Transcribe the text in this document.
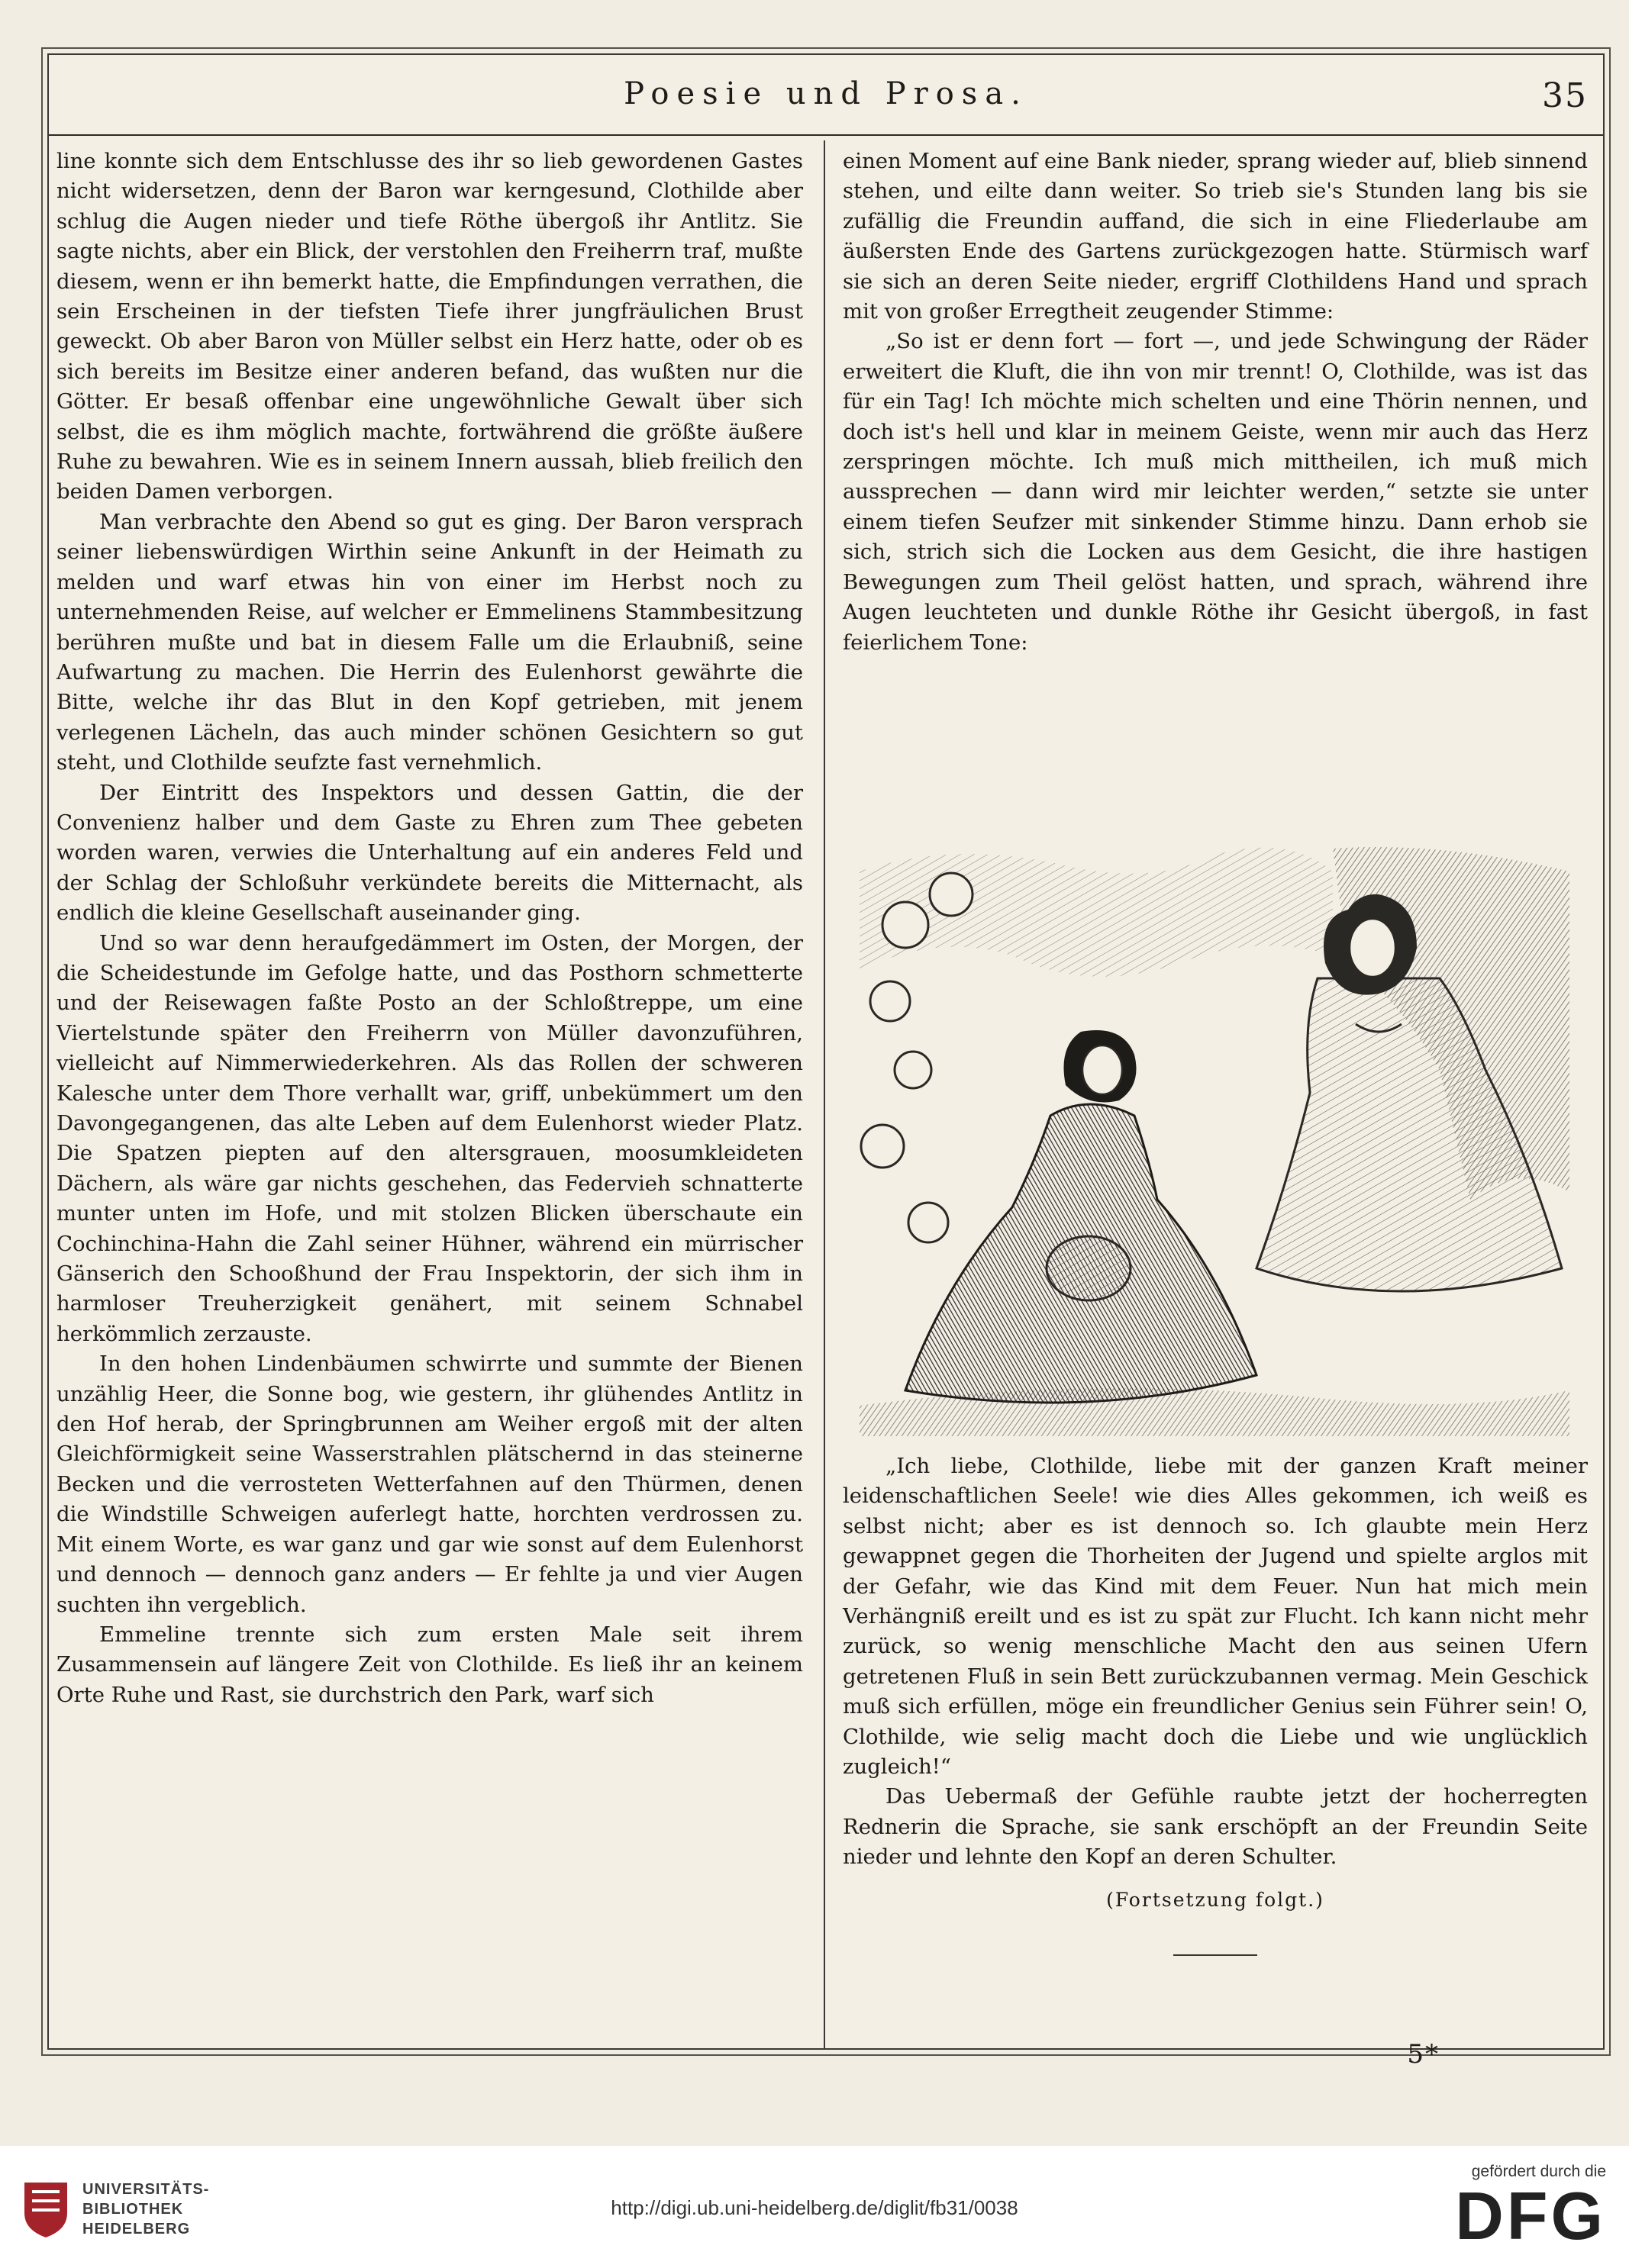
Poesie und Prosa.	35

line konnte sich dem Entschlusse des ihr so lieb gewordenen Gastes nicht widersetzen, denn der Baron war kerngesund, Clothilde aber schlug die Augen nieder und tiefe Röthe übergoß ihr Antlitz. Sie sagte nichts, aber ein Blick, der verstohlen den Freiherrn traf, mußte diesem, wenn er ihn bemerkt hatte, die Empfindungen verrathen, die sein Erscheinen in der tiefsten Tiefe ihrer jungfräulichen Brust geweckt. Ob aber Baron von Müller selbst ein Herz hatte, oder ob es sich bereits im Besitze einer anderen befand, das wußten nur die Götter. Er besaß offenbar eine ungewöhnliche Gewalt über sich selbst, die es ihm möglich machte, fortwährend die größte äußere Ruhe zu bewahren. Wie es in seinem Innern aussah, blieb freilich den beiden Damen verborgen.

Man verbrachte den Abend so gut es ging. Der Baron versprach seiner liebenswürdigen Wirthin seine Ankunft in der Heimath zu melden und warf etwas hin von einer im Herbst noch zu unternehmenden Reise, auf welcher er Emmelinens Stammbesitzung berühren mußte und bat in diesem Falle um die Erlaubniß, seine Aufwartung zu machen. Die Herrin des Eulenhorst gewährte die Bitte, welche ihr das Blut in den Kopf getrieben, mit jenem verlegenen Lächeln, das auch minder schönen Gesichtern so gut steht, und Clothilde seufzte fast vernehmlich.

Der Eintritt des Inspektors und dessen Gattin, die der Convenienz halber und dem Gaste zu Ehren zum Thee gebeten worden waren, verwies die Unterhaltung auf ein anderes Feld und der Schlag der Schloßuhr verkündete bereits die Mitternacht, als endlich die kleine Gesellschaft auseinander ging.

Und so war denn heraufgedämmert im Osten, der Morgen, der die Scheidestunde im Gefolge hatte, und das Posthorn schmetterte und der Reisewagen faßte Posto an der Schloßtreppe, um eine Viertelstunde später den Freiherrn von Müller davonzuführen, vielleicht auf Nimmerwiederkehren. Als das Rollen der schweren Kalesche unter dem Thore verhallt war, griff, unbekümmert um den Davongegangenen, das alte Leben auf dem Eulenhorst wieder Platz. Die Spatzen piepten auf den altersgrauen, moosumkleideten Dächern, als wäre gar nichts geschehen, das Federvieh schnatterte munter unten im Hofe, und mit stolzen Blicken überschaute ein Cochinchina-Hahn die Zahl seiner Hühner, während ein mürrischer Gänserich den Schooßhund der Frau Inspektorin, der sich ihm in harmloser Treuherzigkeit genähert, mit seinem Schnabel herkömmlich zerzauste.

In den hohen Lindenbäumen schwirrte und summte der Bienen unzählig Heer, die Sonne bog, wie gestern, ihr glühendes Antlitz in den Hof herab, der Springbrunnen am Weiher ergoß mit der alten Gleichförmigkeit seine Wasserstrahlen plätschernd in das steinerne Becken und die verrosteten Wetterfahnen auf den Thürmen, denen die Windstille Schweigen auferlegt hatte, horchten verdrossen zu. Mit einem Worte, es war ganz und gar wie sonst auf dem Eulenhorst und dennoch — dennoch ganz anders — Er fehlte ja und vier Augen suchten ihn vergeblich.

Emmeline trennte sich zum ersten Male seit ihrem Zusammensein auf längere Zeit von Clothilde. Es ließ ihr an keinem Orte Ruhe und Rast, sie durchstrich den Park, warf sich

einen Moment auf eine Bank nieder, sprang wieder auf, blieb sinnend stehen, und eilte dann weiter. So trieb sie's Stunden lang bis sie zufällig die Freundin auffand, die sich in eine Fliederlaube am äußersten Ende des Gartens zurückgezogen hatte. Stürmisch warf sie sich an deren Seite nieder, ergriff Clothildens Hand und sprach mit von großer Erregtheit zeugender Stimme:

„So ist er denn fort — fort —, und jede Schwingung der Räder erweitert die Kluft, die ihn von mir trennt! O, Clothilde, was ist das für ein Tag! Ich möchte mich schelten und eine Thörin nennen, und doch ist's hell und klar in meinem Geiste, wenn mir auch das Herz zerspringen möchte. Ich muß mich mittheilen, ich muß mich aussprechen — dann wird mir leichter werden,“ setzte sie unter einem tiefen Seufzer mit sinkender Stimme hinzu. Dann erhob sie sich, strich sich die Locken aus dem Gesicht, die ihre hastigen Bewegungen zum Theil gelöst hatten, und sprach, während ihre Augen leuchteten und dunkle Röthe ihr Gesicht übergoß, in fast feierlichem Tone:

„Ich liebe, Clothilde, liebe mit der ganzen Kraft meiner leidenschaftlichen Seele! wie dies Alles gekommen, ich weiß es selbst nicht; aber es ist dennoch so. Ich glaubte mein Herz gewappnet gegen die Thorheiten der Jugend und spielte arglos mit der Gefahr, wie das Kind mit dem Feuer. Nun hat mich mein Verhängniß ereilt und es ist zu spät zur Flucht. Ich kann nicht mehr zurück, so wenig menschliche Macht den aus seinen Ufern getretenen Fluß in sein Bett zurückzubannen vermag. Mein Geschick muß sich erfüllen, möge ein freundlicher Genius sein Führer sein! O, Clothilde, wie selig macht doch die Liebe und wie unglücklich zugleich!“

Das Uebermaß der Gefühle raubte jetzt der hocherregten Rednerin die Sprache, sie sank erschöpft an der Freundin Seite nieder und lehnte den Kopf an deren Schulter.

(Fortsetzung folgt.)

5*
UNIVERSITÄTS-
BIBLIOTHEK
HEIDELBERG
http://digi.ub.uni-heidelberg.de/diglit/fb31/0038
gefördert durch die
DFG
